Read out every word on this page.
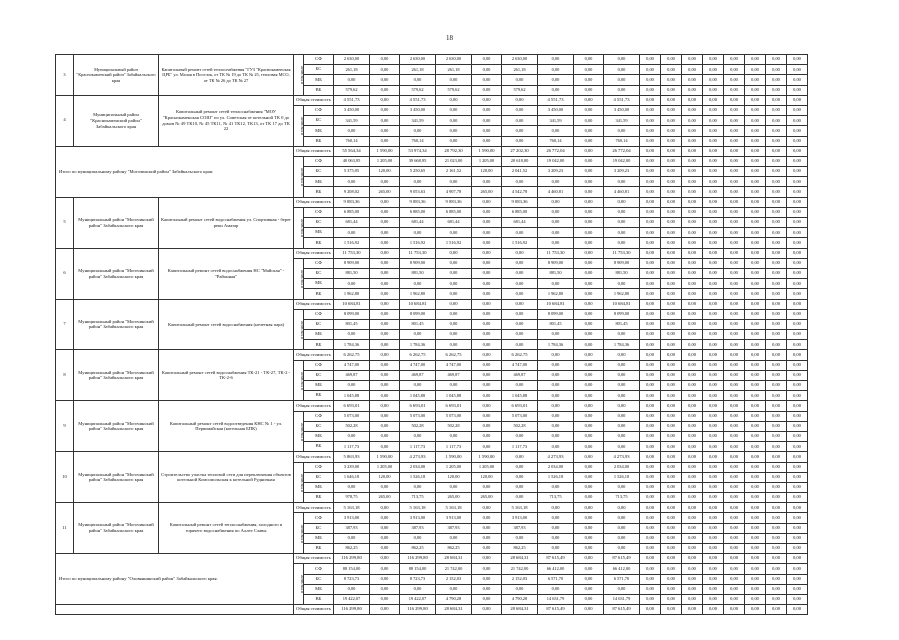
18
3	Муниципальный район "Краснокаменский район" Забайкальского края	Капитальный ремонт сетей теплоснабжения "ГУЗ "Краснокаменская ЦРБ" ул. Малая в Поселок, от ТК № 19 до ТК № 25, тепловая МСО, от ТК № 26 до ТК № 27	в том числе	СФ	2 630,00	0,00	2 630,00	2 630,00	0,00	2 630,00	0,00	0,00	0,00	0,00	0,00	0,00	0,00	0,00	0,00	0,00	0,00
				БС	261,18	0,00	261,18	261,18	0,00	261,18	0,00	0,00	0,00	0,00	0,00	0,00	0,00	0,00	0,00	0,00	0,00
				МБ	0,00	0,00	0,00	0,00	0,00	0,00	0,00	0,00	0,00	0,00	0,00	0,00	0,00	0,00	0,00	0,00	0,00
				ВБ	579,62	0,00	579,62	579,62	0,00	579,62	0,00	0,00	0,00	0,00	0,00	0,00	0,00	0,00	0,00	0,00	0,00
4	Муниципальный район "Краснокаменский район" Забайкальского края	Капитальный ремонт сетей теплоснабжения "МОУ "Краснокаменская СОШ" по ул. Советская от котельной ТК 0 до домов № 49 ТК10, № 45 ТК11, № 41 ТК12, ТК13, от ТК 17 до ТК 22	Общая стоимость		4 551,73	0,00	4 551,73	0,00	0,00	0,00	4 551,73	0,00	4 551,73	0,00	0,00	0,00	0,00	0,00	0,00	0,00	0,00
			в том числе	СФ	3 450,00	0,00	3 450,00	0,00	0,00	0,00	3 450,00	0,00	3 450,00	0,00	0,00	0,00	0,00	0,00	0,00	0,00	0,00
				БС	341,59	0,00	341,59	0,00	0,00	0,00	341,59	0,00	341,59	0,00	0,00	0,00	0,00	0,00	0,00	0,00	0,00
				МБ	0,00	0,00	0,00	0,00	0,00	0,00	0,00	0,00	0,00	0,00	0,00	0,00	0,00	0,00	0,00	0,00	0,00
				ВБ	760,14	0,00	760,14	0,00	0,00	0,00	760,14	0,00	760,14	0,00	0,00	0,00	0,00	0,00	0,00	0,00	0,00
Итого по муниципальному району "Могочинский район" Забайкальского края:			Общая стоимость		55 564,34	1 590,00	53 974,34	28 792,30	1 590,00	27 202,30	26 772,04	0,00	26 772,04	0,00	0,00	0,00	0,00	0,00	0,00	0,00	0,00
			в том числе	СФ	40 063,95	1 205,00	39 668,95	21 023,00	1 205,00	20 618,00	19 042,00	0,00	19 042,00	0,00	0,00	0,00	0,00	0,00	0,00	0,00	0,00
				БС	5 375,05	120,00	5 250,65	2 161,52	120,00	2 041,52	3 209,23	0,00	3 209,23	0,00	0,00	0,00	0,00	0,00	0,00	0,00	0,00
				МБ	0,00	0,00	0,00	0,00	0,00	0,00	0,00	0,00	0,00	0,00	0,00	0,00	0,00	0,00	0,00	0,00	0,00
				ВБ	9 208,02	265,00	9 053,63	4 907,78	265,00	4 542,78	4 460,81	0,00	4 460,81	0,00	0,00	0,00	0,00	0,00	0,00	0,00	0,00
5	Муниципальный район "Могочинский район" Забайкальского края	Капитальный ремонт сетей водоснабжения ул. Спортивная - берег реки Амазар	Общая стоимость		9 083,36	0,00	9 083,36	9 083,36	0,00	9 083,36	0,00	0,00	0,00	0,00	0,00	0,00	0,00	0,00	0,00	0,00	0,00
			в том числе	СФ	6 885,00	0,00	6 885,00	6 885,00	0,00	6 885,00	0,00	0,00	0,00	0,00	0,00	0,00	0,00	0,00	0,00	0,00	0,00
				БС	681,44	0,00	681,44	681,44	0,00	681,44	0,00	0,00	0,00	0,00	0,00	0,00	0,00	0,00	0,00	0,00	0,00
				МБ	0,00	0,00	0,00	0,00	0,00	0,00	0,00	0,00	0,00	0,00	0,00	0,00	0,00	0,00	0,00	0,00	0,00
				ВБ	1 516,92	0,00	1 516,92	1 516,92	0,00	1 516,92	0,00	0,00	0,00	0,00	0,00	0,00	0,00	0,00	0,00	0,00	0,00
6	Муниципальный район "Могочинский район" Забайкальского края	Капитальный ремонт сетей водоснабжения НС "Майская" - "Районная"	Общая стоимость		11 753,30	0,00	11 753,30	0,00	0,00	0,00	11 753,30	0,00	11 753,30	0,00	0,00	0,00	0,00	0,00	0,00	0,00	0,00
			в том числе	СФ	8 909,00	0,00	8 909,00	0,00	0,00	0,00	8 909,00	0,00	8 909,00	0,00	0,00	0,00	0,00	0,00	0,00	0,00	0,00
				БС	881,50	0,00	881,50	0,00	0,00	0,00	881,50	0,00	881,50	0,00	0,00	0,00	0,00	0,00	0,00	0,00	0,00
				МБ	0,00	0,00	0,00	0,00	0,00	0,00	0,00	0,00	0,00	0,00	0,00	0,00	0,00	0,00	0,00	0,00	0,00
				ВБ	1 962,80	0,00	1 962,80	0,00	0,00	0,00	1 962,80	0,00	1 962,80	0,00	0,00	0,00	0,00	0,00	0,00	0,00	0,00
7	Муниципальный район "Могочинский район" Забайкальского края	Капитальный ремонт сетей водоснабжения (нечетная пара)	Общая стоимость		10 684,81	0,00	10 684,81	0,00	0,00	0,00	10 684,81	0,00	10 684,81	0,00	0,00	0,00	0,00	0,00	0,00	0,00	0,00
			в том числе	СФ	8 099,00	0,00	8 099,00	0,00	0,00	0,00	8 099,00	0,00	8 099,00	0,00	0,00	0,00	0,00	0,00	0,00	0,00	0,00
				БС	801,45	0,00	801,45	0,00	0,00	0,00	801,45	0,00	801,45	0,00	0,00	0,00	0,00	0,00	0,00	0,00	0,00
				МБ	0,00	0,00	0,00	0,00	0,00	0,00	0,00	0,00	0,00	0,00	0,00	0,00	0,00	0,00	0,00	0,00	0,00
				ВБ	1 784,36	0,00	1 784,36	0,00	0,00	0,00	1 784,36	0,00	1 784,36	0,00	0,00	0,00	0,00	0,00	0,00	0,00	0,00
8	Муниципальный район "Могочинский район" Забайкальского края	Капитальный ремонт сетей водоснабжения ТК-21 - ТК-27, ТК-2 - ТК-2-6	Общая стоимость		6 262,75	0,00	6 262,75	6 262,75	0,00	6 262,75	0,00	0,00	0,00	0,00	0,00	0,00	0,00	0,00	0,00	0,00	0,00
			в том числе	СФ	4 747,00	0,00	4 747,00	4 747,00	0,00	4 747,00	0,00	0,00	0,00	0,00	0,00	0,00	0,00	0,00	0,00	0,00	0,00
				БС	469,87	0,00	469,87	469,87	0,00	469,87	0,00	0,00	0,00	0,00	0,00	0,00	0,00	0,00	0,00	0,00	0,00
				МБ	0,00	0,00	0,00	0,00	0,00	0,00	0,00	0,00	0,00	0,00	0,00	0,00	0,00	0,00	0,00	0,00	0,00
				ВБ	1 045,88	0,00	1 045,88	1 045,88	0,00	1 045,88	0,00	0,00	0,00	0,00	0,00	0,00	0,00	0,00	0,00	0,00	0,00
9	Муниципальный район "Могочинский район" Забайкальского края	Капитальный ремонт сетей водоотведения КНС № 1 - ул. Первомайская (котельная БПК)	Общая стоимость		6 693,01	0,00	6 693,01	6 693,01	0,00	6 693,01	0,00	0,00	0,00	0,00	0,00	0,00	0,00	0,00	0,00	0,00	0,00
			в том числе	СФ	5 073,00	0,00	5 073,00	5 073,00	0,00	5 073,00	0,00	0,00	0,00	0,00	0,00	0,00	0,00	0,00	0,00	0,00	0,00
				БС	502,28	0,00	502,28	502,28	0,00	502,28	0,00	0,00	0,00	0,00	0,00	0,00	0,00	0,00	0,00	0,00	0,00
				МБ	0,00	0,00	0,00	0,00	0,00	0,00	0,00	0,00	0,00	0,00	0,00	0,00	0,00	0,00	0,00	0,00	0,00
				ВБ	1 117,73	0,00	1 117,73	1 117,73	0,00	1 117,73	0,00	0,00	0,00	0,00	0,00	0,00	0,00	0,00	0,00	0,00	0,00
10	Муниципальный район "Могочинский район" Забайкальского края	Строительство участка тепловой сети для переключения объектов котельной Комсомольская к котельной Рудничная	Общая стоимость		5 863,93	1 590,00	4 273,93	1 590,00	1 590,00	0,00	4 273,93	0,00	4 273,93	0,00	0,00	0,00	0,00	0,00	0,00	0,00	0,00
			в том числе	СФ	3 239,00	1 205,00	2 034,00	1 205,00	1 205,00	0,00	2 034,00	0,00	2 034,00	0,00	0,00	0,00	0,00	0,00	0,00	0,00	0,00
				БС	1 646,18	120,00	1 526,18	120,00	120,00	0,00	1 526,18	0,00	1 526,18	0,00	0,00	0,00	0,00	0,00	0,00	0,00	0,00
				МБ	0,00	0,00	0,00	0,00	0,00	0,00	0,00	0,00	0,00	0,00	0,00	0,00	0,00	0,00	0,00	0,00	0,00
				ВБ	978,75	265,00	713,75	265,00	265,00	0,00	713,75	0,00	713,75	0,00	0,00	0,00	0,00	0,00	0,00	0,00	0,00
11	Муниципальный район "Могочинский район" Забайкальского края	Капитальный ремонт сетей теплоснабжения, холодного и горячего водоснабжения по Аллее Славы	Общая стоимость		5 163,18	0,00	5 163,18	5 163,18	0,00	5 163,18	0,00	0,00	0,00	0,00	0,00	0,00	0,00	0,00	0,00	0,00	0,00
			в том числе	СФ	3 913,00	0,00	3 913,00	3 913,00	0,00	3 913,00	0,00	0,00	0,00	0,00	0,00	0,00	0,00	0,00	0,00	0,00	0,00
				БС	387,93	0,00	387,93	387,93	0,00	387,93	0,00	0,00	0,00	0,00	0,00	0,00	0,00	0,00	0,00	0,00	0,00
				МБ	0,00	0,00	0,00	0,00	0,00	0,00	0,00	0,00	0,00	0,00	0,00	0,00	0,00	0,00	0,00	0,00	0,00
				ВБ	862,25	0,00	862,25	862,25	0,00	862,25	0,00	0,00	0,00	0,00	0,00	0,00	0,00	0,00	0,00	0,00	0,00
Итого по муниципальному району "Оловяннинский район" Забайкальского края:			Общая стоимость		116 299,80	0,00	116 299,80	28 684,31	0,00	28 684,31	87 615,49	0,00	87 615,49	0,00	0,00	0,00	0,00	0,00	0,00	0,00	0,00
			в том числе	СФ	88 154,00	0,00	88 154,00	21 742,00	0,00	21 742,00	66 412,00	0,00	66 412,00	0,00	0,00	0,00	0,00	0,00	0,00	0,00	0,00
				БС	8 723,73	0,00	8 723,73	2 152,03	0,00	2 152,03	6 571,70	0,00	6 571,70	0,00	0,00	0,00	0,00	0,00	0,00	0,00	0,00
				МБ	0,00	0,00	0,00	0,00	0,00	0,00	0,00	0,00	0,00	0,00	0,00	0,00	0,00	0,00	0,00	0,00	0,00
				ВБ	19 422,07	0,00	19 422,07	4 790,28	0,00	4 790,28	14 631,79	0,00	14 631,79	0,00	0,00	0,00	0,00	0,00	0,00	0,00	0,00
			Общая стоимость		116 299,80	0,00	116 299,80	28 684,31	0,00	28 684,31	87 615,49	0,00	87 615,49	0,00	0,00	0,00	0,00	0,00	0,00	0,00	0,00
